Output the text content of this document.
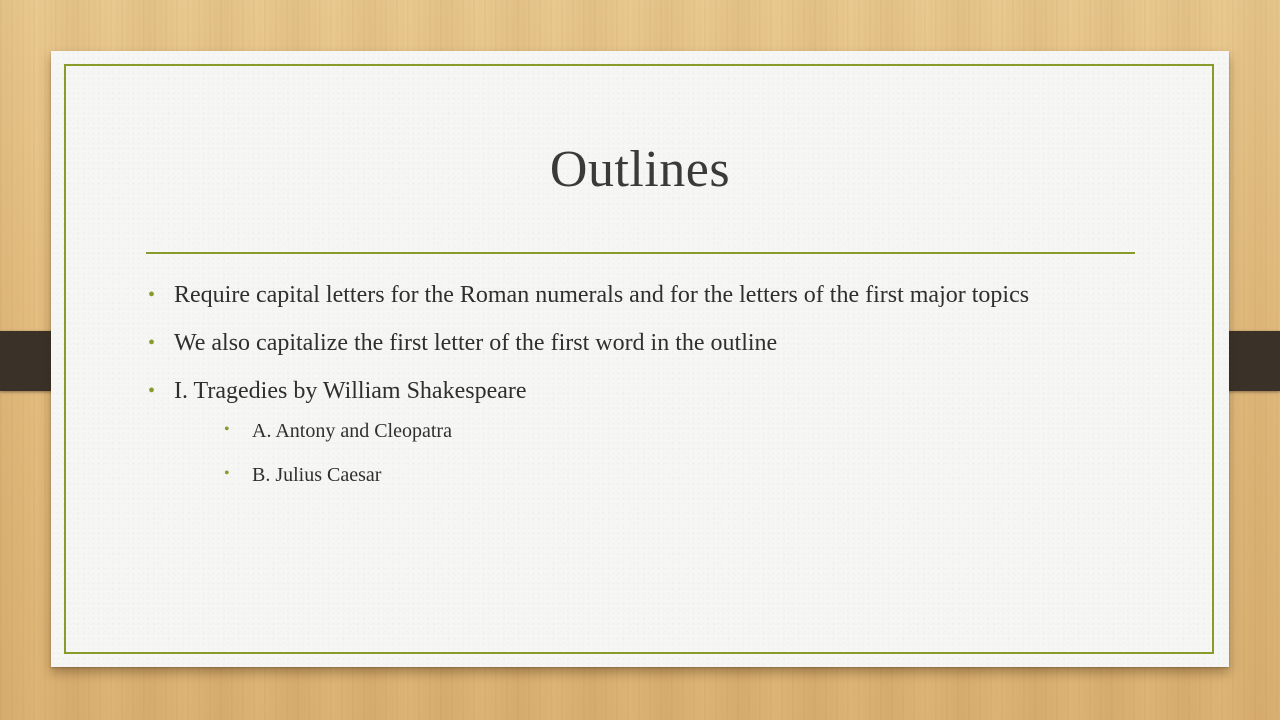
Outlines
• Require capital letters for the Roman numerals and for the letters of the first major topics
• We also capitalize the first letter of the first word in the outline
• I. Tragedies by William Shakespeare
• A. Antony and Cleopatra
• B. Julius Caesar
